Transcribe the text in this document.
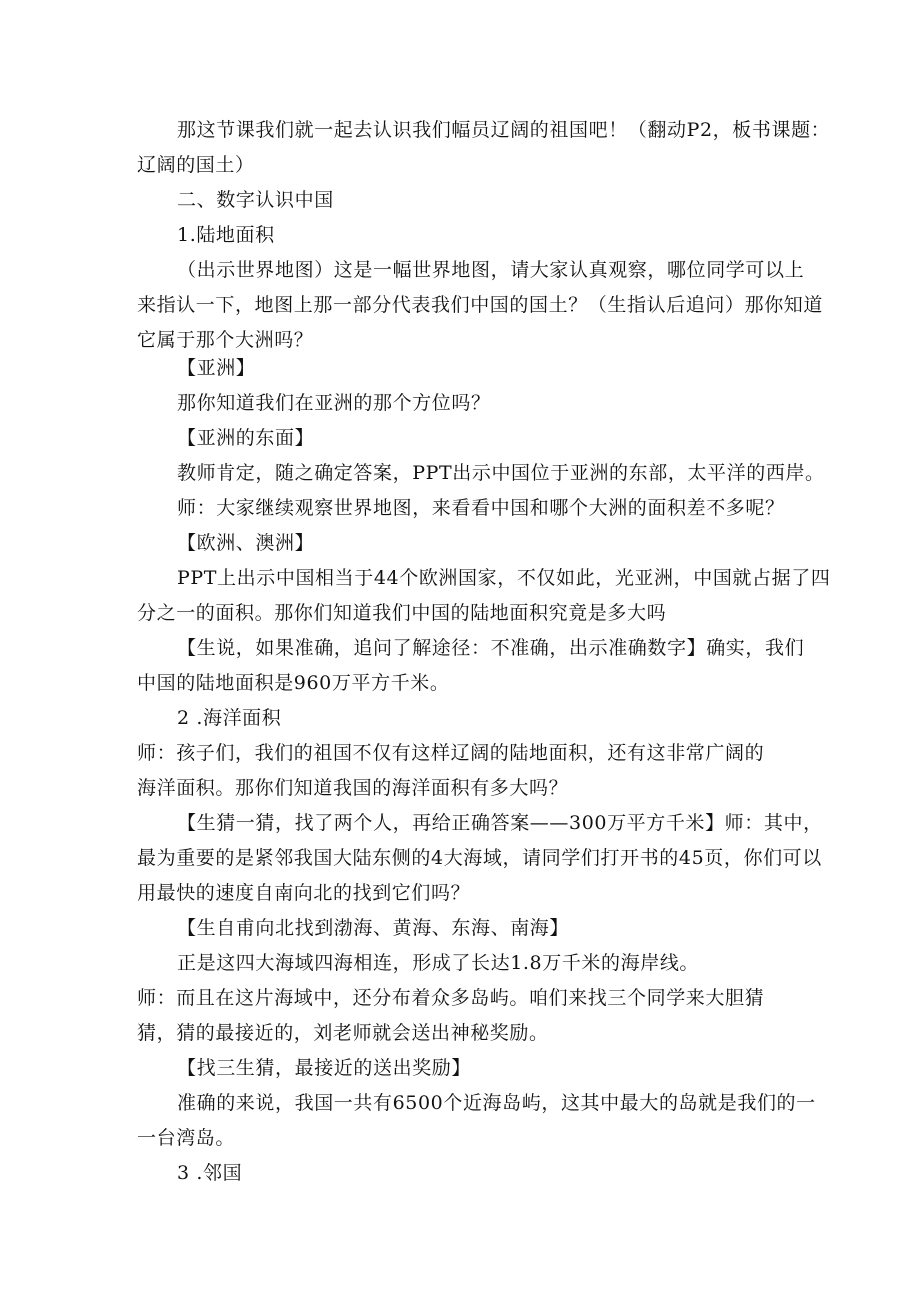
那这节课我们就一起去认识我们幅员辽阔的祖国吧！（翻动P2，板书课题：
辽阔的国土）
二、数字认识中国
1.陆地面积
（出示世界地图）这是一幅世界地图，请大家认真观察，哪位同学可以上
来指认一下，地图上那一部分代表我们中国的国土？（生指认后追问）那你知道
它属于那个大洲吗？
【亚洲】
那你知道我们在亚洲的那个方位吗？
【亚洲的东面】
教师肯定，随之确定答案，PPT出示中国位于亚洲的东部，太平洋的西岸。
师：大家继续观察世界地图，来看看中国和哪个大洲的面积差不多呢？
【欧洲、澳洲】
PPT上出示中国相当于44个欧洲国家，不仅如此，光亚洲，中国就占据了四
分之一的面积。那你们知道我们中国的陆地面积究竟是多大吗
【生说，如果准确，追问了解途径：不准确，出示准确数字】确实，我们
中国的陆地面积是960万平方千米。
2 .海洋面积
师：孩子们，我们的祖国不仅有这样辽阔的陆地面积，还有这非常广阔的
海洋面积。那你们知道我国的海洋面积有多大吗？
【生猜一猜，找了两个人，再给正确答案——300万平方千米】师：其中，
最为重要的是紧邻我国大陆东侧的4大海域，请同学们打开书的45页，你们可以
用最快的速度自南向北的找到它们吗？
【生自甫向北找到渤海、黄海、东海、南海】
正是这四大海域四海相连，形成了长达1.8万千米的海岸线。
师：而且在这片海域中，还分布着众多岛屿。咱们来找三个同学来大胆猜
猜，猜的最接近的，刘老师就会送出神秘奖励。
【找三生猜，最接近的送出奖励】
准确的来说，我国一共有6500个近海岛屿，这其中最大的岛就是我们的一
一台湾岛。
3 .邻国
